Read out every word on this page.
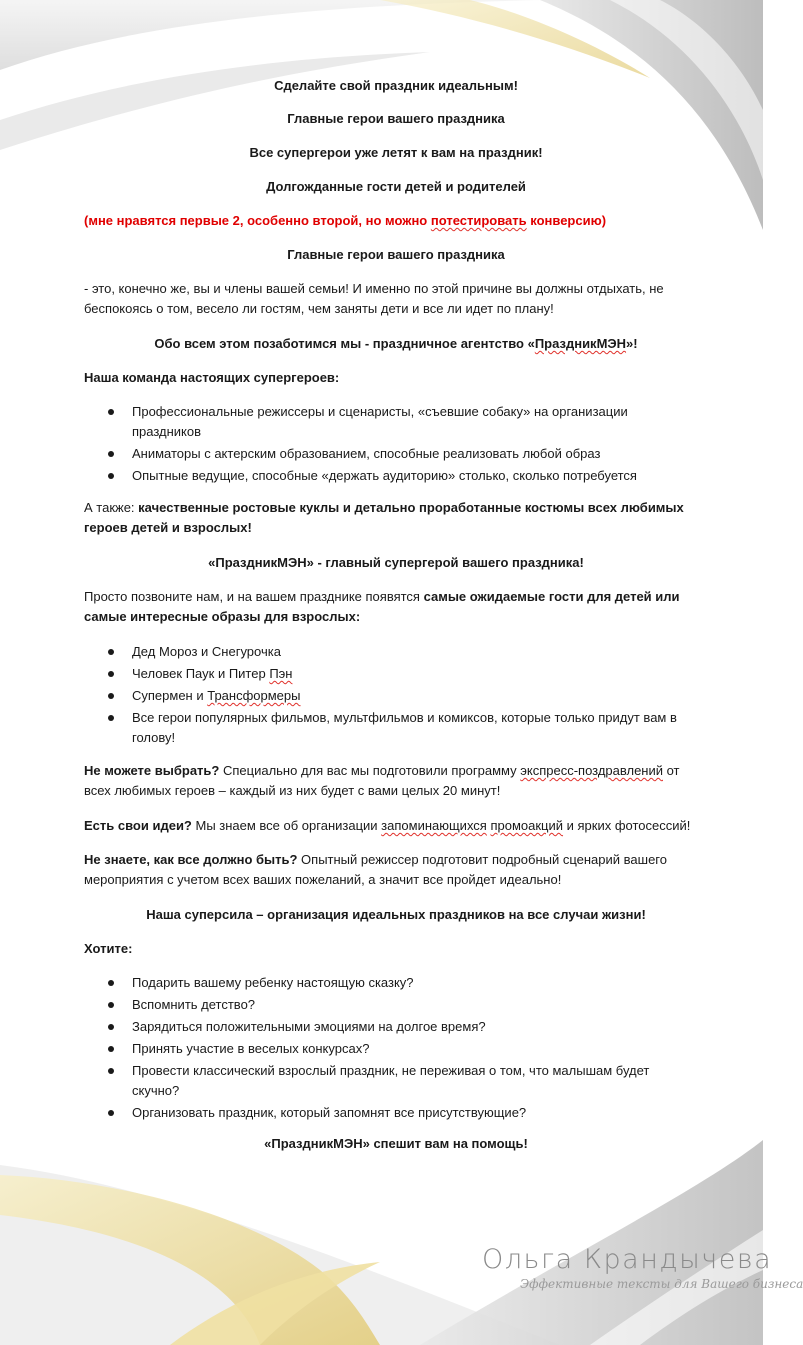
Сделайте свой праздник идеальным!
Главные герои вашего праздника
Все супергерои уже летят к вам на праздник!
Долгожданные гости детей и родителей
(мне нравятся первые 2, особенно второй, но можно потестировать конверсию)
Главные герои вашего праздника
- это, конечно же, вы и члены вашей семьи! И именно по этой причине вы должны отдыхать, не
беспокоясь о том, весело ли гостям, чем заняты дети и все ли идет по плану!
Обо всем этом позаботимся мы - праздничное агентство «ПраздникМЭН»!
Наша команда настоящих супергероев:
Профессиональные режиссеры и сценаристы, «съевшие собаку» на организации
праздников
Аниматоры с актерским образованием, способные реализовать любой образ
Опытные ведущие, способные «держать аудиторию» столько, сколько потребуется
А также: качественные ростовые куклы и детально проработанные костюмы всех любимых
героев детей и взрослых!
«ПраздникМЭН» - главный супергерой вашего праздника!
Просто позвоните нам, и на вашем празднике появятся самые ожидаемые гости для детей или
самые интересные образы для взрослых:
Дед Мороз и Снегурочка
Человек Паук и Питер Пэн
Супермен и Трансформеры
Все герои популярных фильмов, мультфильмов и комиксов, которые только придут вам в
голову!
Не можете выбрать? Специально для вас мы подготовили программу экспресс-поздравлений от
всех любимых героев – каждый из них будет с вами целых 20 минут!
Есть свои идеи? Мы знаем все об организации запоминающихся промоакций и ярких фотосессий!
Не знаете, как все должно быть? Опытный режиссер подготовит подробный сценарий вашего
мероприятия с учетом всех ваших пожеланий, а значит все пройдет идеально!
Наша суперсила – организация идеальных праздников на все случаи жизни!
Хотите:
Подарить вашему ребенку настоящую сказку?
Вспомнить детство?
Зарядиться положительными эмоциями на долгое время?
Принять участие в веселых конкурсах?
Провести классический взрослый праздник, не переживая о том, что малышам будет
скучно?
Организовать праздник, который запомнят все присутствующие?
«ПраздникМЭН» спешит вам на помощь!
Ольга Крандычева
Эффективные тексты для Вашего бизнеса
